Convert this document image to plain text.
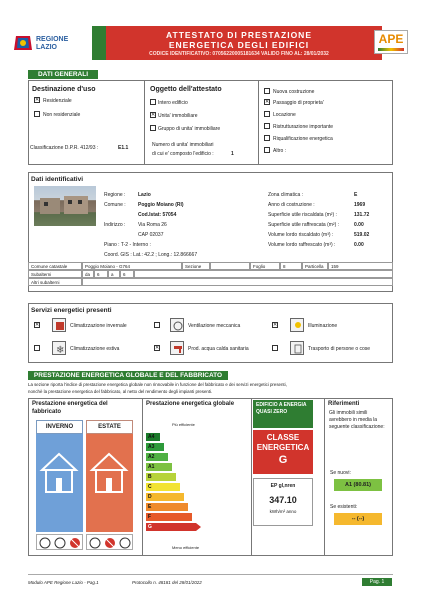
REGIONE LAZIO
ATTESTATO DI PRESTAZIONE
ENERGETICA DEGLI EDIFICI
CODICE IDENTIFICATIVO: 07056220005181634 VALIDO FINO AL: 28/01/2032
APE
DATI GENERALI
Destinazione d'uso
✕ Residenziale
Non residenziale
Classificazione D.P.R. 412/93 :	E1.1
Oggetto dell'attestato
Intero edificio
✕ Unita' immobiliare
Gruppo di unita' immobiliare
Numero di unita' immobiliari
di cui e' composto l'edificio :	1
Nuova costruzione
✕ Passaggio di proprieta'
Locazione
Ristrutturazione importante
Riqualificazione energetica
Altro :
Dati identificativi
Regione :	Lazio
Comune : Poggio Moiano (RI)
Cod.Istat: 57054
Indirizzo :	Via Roma 26
CAP 02037
Piano : T-2 - Interno :
Coord. GIS : Lat.: 42.2 ; Long.: 12.866667
Zona climatica :	E
Anno di costruzione :	1969
Superficie utile riscaldata (m²) :	131.72
Superficie utile raffrescata (m²) :	0.00
Volume lordo riscaldato (m³) :	519.02
Volume lordo raffrescato (m³) :	0.00
Comune catastale	Poggio Moiano - G764	Sezione	Foglio	8	Particella	159
Subalterni	da	6	a	6
Altri subalterni
Servizi energetici presenti
✕	Climatizzazione invernale	Ventilazione meccanica	✕	Illuminazione
❄ Climatizzazione estiva	✕	Prod. acqua calda sanitaria	Trasporto di persone o cose
PRESTAZIONE ENERGETICA GLOBALE E DEL FABBRICATO
La sezione riporta l'indice di prestazione energetica globale non rinnovabile in funzione del fabbricato e dei servizi energetici presenti,
nonchè la prestazione energetica del fabbricato, al netto del rendimento degli impianti presenti.
Prestazione energetica del
fabbricato
INVERNO	ESTATE
Prestazione energetica globale
Più efficiente
A4
A3
A2
A1
B
C
D
E
F
G
Meno efficiente
EDIFICIO A ENERGIA QUASI ZERO
CLASSE ENERGETICA
G
EP gl,nren
347.10
kWh/m² anno
Riferimenti
Gli immobili simili avrebbero in media la seguente classificazione:
Se nuovi:
A1 (80.81)
Se esistenti:
-- (--)
Modulo APE Regione Lazio - Pag.1	Protocollo n. 48181 del 28/01/2022	Pag. 1
